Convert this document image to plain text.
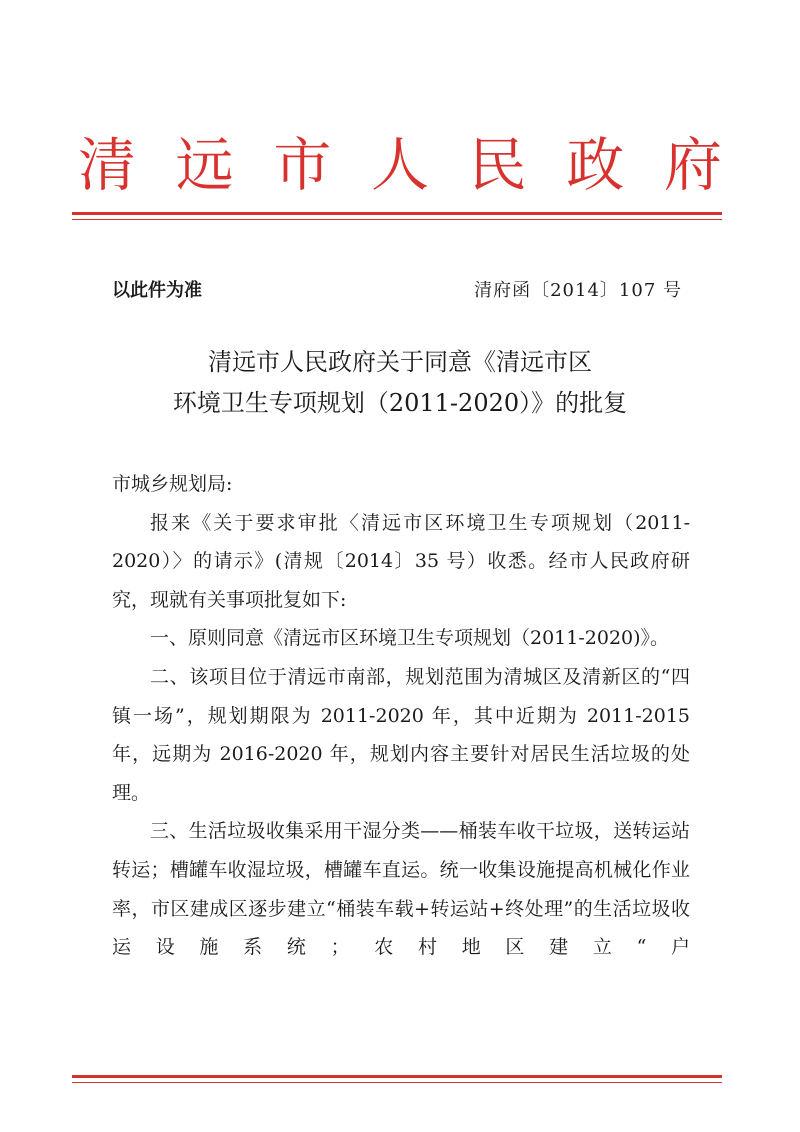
清 远 市 人 民 政 府
以此件为准	清府函〔2014〕107 号
清远市人民政府关于同意《清远市区
环境卫生专项规划（2011-2020）》的批复

市城乡规划局:

报来《关于要求审批〈清远市区环境卫生专项规划（2011-2020）〉的请示》(清规〔2014〕35 号）收悉。经市人民政府研究，现就有关事项批复如下:

一、原则同意《清远市区环境卫生专项规划（2011-2020)》。

二、该项目位于清远市南部，规划范围为清城区及清新区的“四镇一场”，规划期限为 2011-2020 年，其中近期为 2011-2015 年，远期为 2016-2020 年，规划内容主要针对居民生活垃圾的处理。

三、生活垃圾收集采用干湿分类——桶装车收干垃圾，送转运站转运；槽罐车收湿垃圾，槽罐车直运。统一收集设施提高机械化作业率，市区建成区逐步建立“桶装车载+转运站+终处理”的生活垃圾收运设施系统；农村地区建立“户
